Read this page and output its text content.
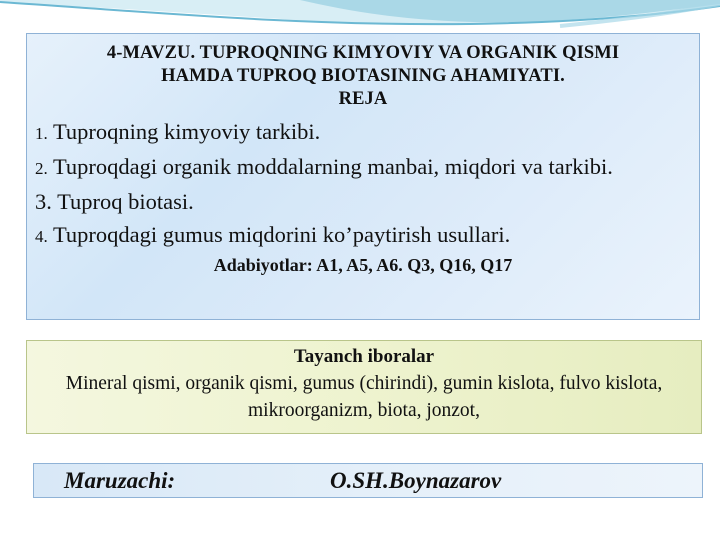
4-MAVZU. TUPROQNING KIMYOVIY VA ORGANIK QISMI
HAMDA TUPROQ BIOTASINING AHAMIYATI.
REJA
1. Tuproqning kimyoviy tarkibi.
2. Tuproqdagi organik moddalarning manbai, miqdori va tarkibi.
3. Tuproq biotasi.
4. Tuproqdagi gumus miqdorini ko’paytirish usullari.
Adabiyotlar: A1, A5, A6. Q3, Q16, Q17
Tayanch iboralar
Mineral qismi, organik qismi, gumus (chirindi), gumin kislota, fulvo kislota, mikroorganizm, biota, jonzot,
Maruzachi:	O.SH.Boynazarov
